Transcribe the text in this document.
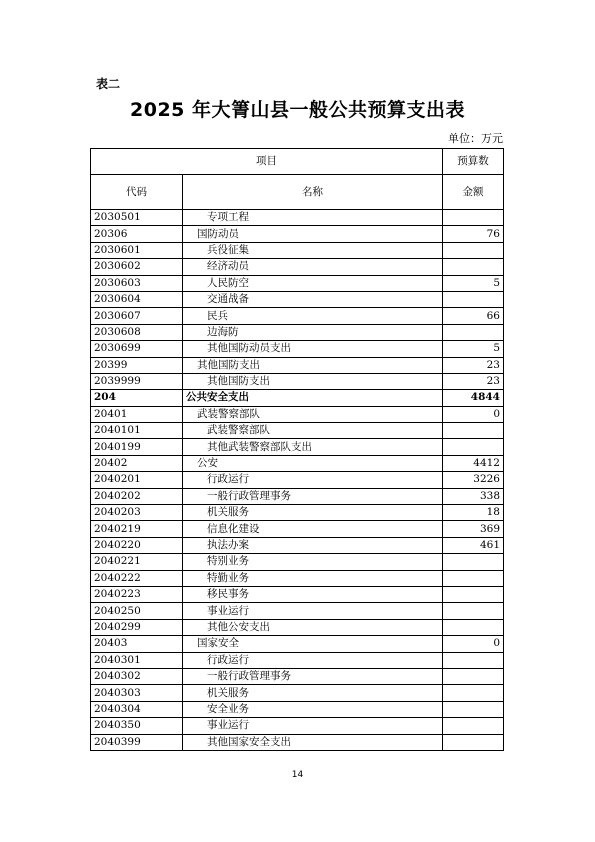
表二
2025 年大箐山县一般公共预算支出表
单位：万元
项目		预算数
代码	名称	金额
2030501	专项工程	
20306	国防动员	76
2030601	兵役征集	
2030602	经济动员	
2030603	人民防空	5
2030604	交通战备	
2030607	民兵	66
2030608	边海防	
2030699	其他国防动员支出	5
20399	其他国防支出	23
2039999	其他国防支出	23
204	公共安全支出	4844
20401	武装警察部队	0
2040101	武装警察部队	
2040199	其他武装警察部队支出	
20402	公安	4412
2040201	行政运行	3226
2040202	一般行政管理事务	338
2040203	机关服务	18
2040219	信息化建设	369
2040220	执法办案	461
2040221	特别业务	
2040222	特勤业务	
2040223	移民事务	
2040250	事业运行	
2040299	其他公安支出	
20403	国家安全	0
2040301	行政运行	
2040302	一般行政管理事务	
2040303	机关服务	
2040304	安全业务	
2040350	事业运行	
2040399	其他国家安全支出	
14
